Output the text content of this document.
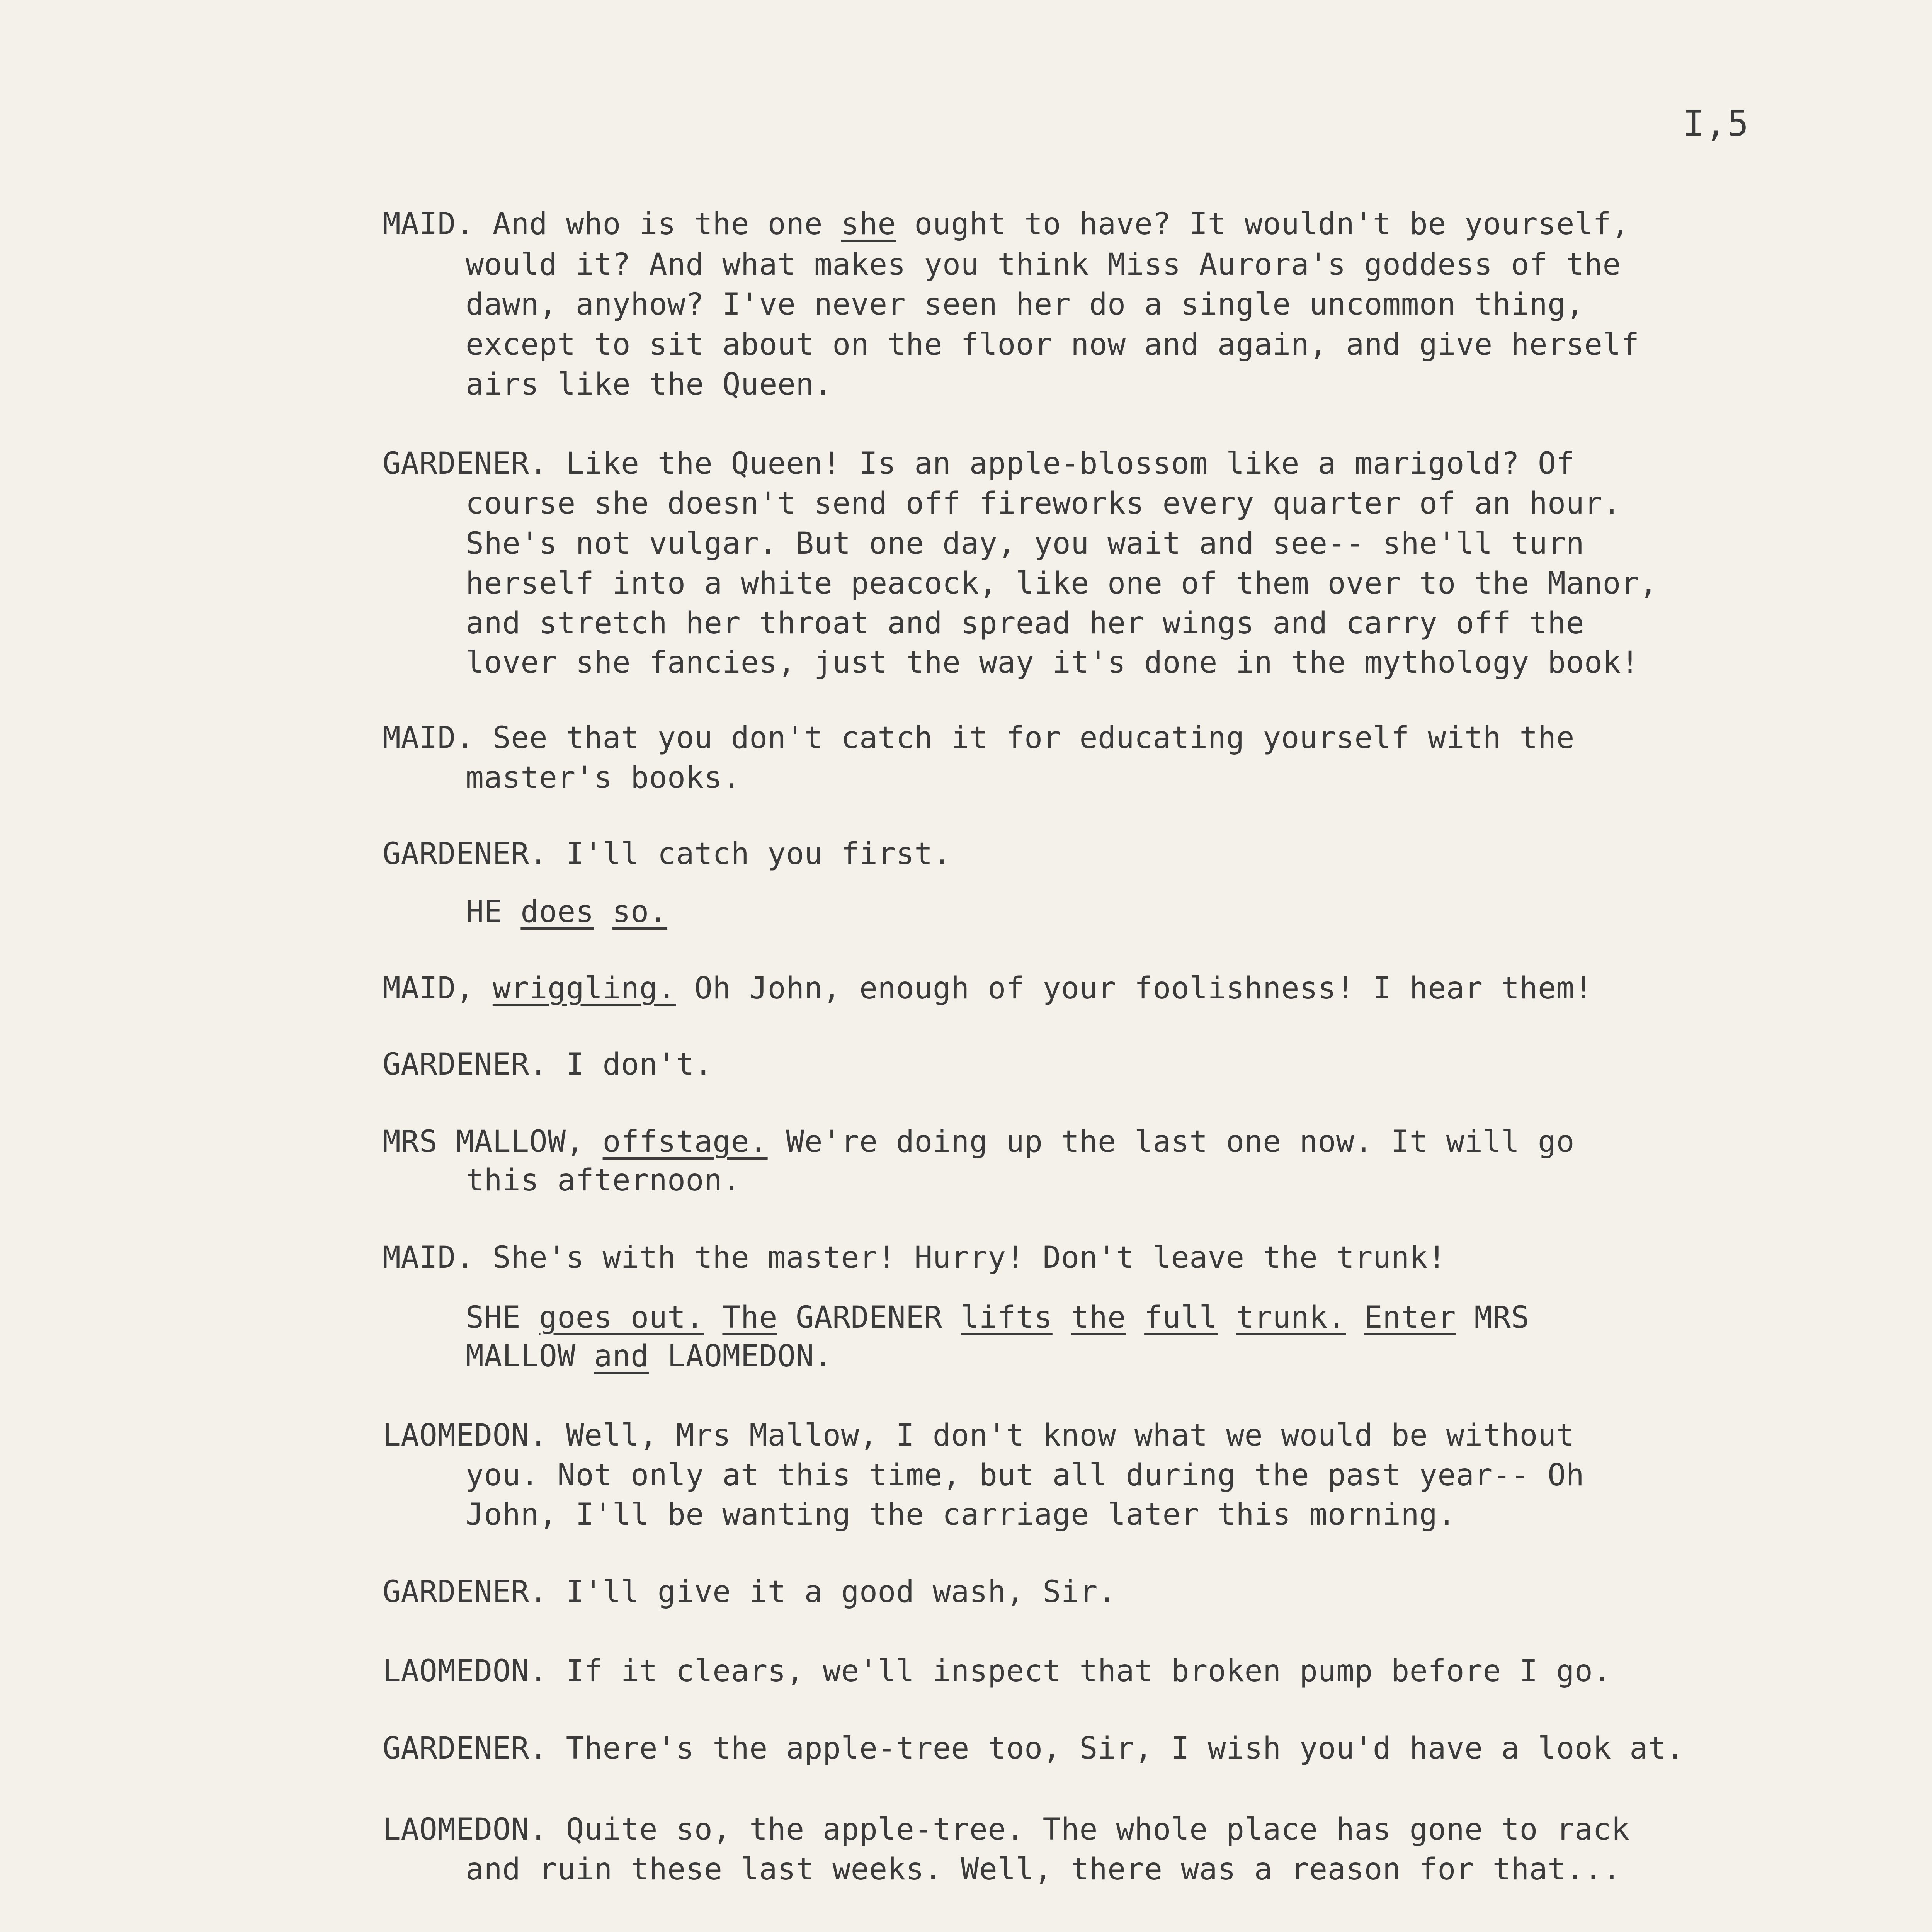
I,5
MAID. And who is the one she ought to have? It wouldn't be yourself,
would it? And what makes you think Miss Aurora's goddess of the
dawn, anyhow? I've never seen her do a single uncommon thing,
except to sit about on the floor now and again, and give herself
airs like the Queen.
GARDENER. Like the Queen! Is an apple-blossom like a marigold? Of
course she doesn't send off fireworks every quarter of an hour.
She's not vulgar. But one day, you wait and see-- she'll turn
herself into a white peacock, like one of them over to the Manor,
and stretch her throat and spread her wings and carry off the
lover she fancies, just the way it's done in the mythology book!
MAID. See that you don't catch it for educating yourself with the
master's books.
GARDENER. I'll catch you first.
HE does so.
MAID, wriggling. Oh John, enough of your foolishness! I hear them!
GARDENER. I don't.
MRS MALLOW, offstage. We're doing up the last one now. It will go
this afternoon.
MAID. She's with the master! Hurry! Don't leave the trunk!
SHE goes out. The GARDENER lifts the full trunk. Enter MRS
MALLOW and LAOMEDON.
LAOMEDON. Well, Mrs Mallow, I don't know what we would be without
you. Not only at this time, but all during the past year-- Oh
John, I'll be wanting the carriage later this morning.
GARDENER. I'll give it a good wash, Sir.
LAOMEDON. If it clears, we'll inspect that broken pump before I go.
GARDENER. There's the apple-tree too, Sir, I wish you'd have a look at.
LAOMEDON. Quite so, the apple-tree. The whole place has gone to rack
and ruin these last weeks. Well, there was a reason for that...
